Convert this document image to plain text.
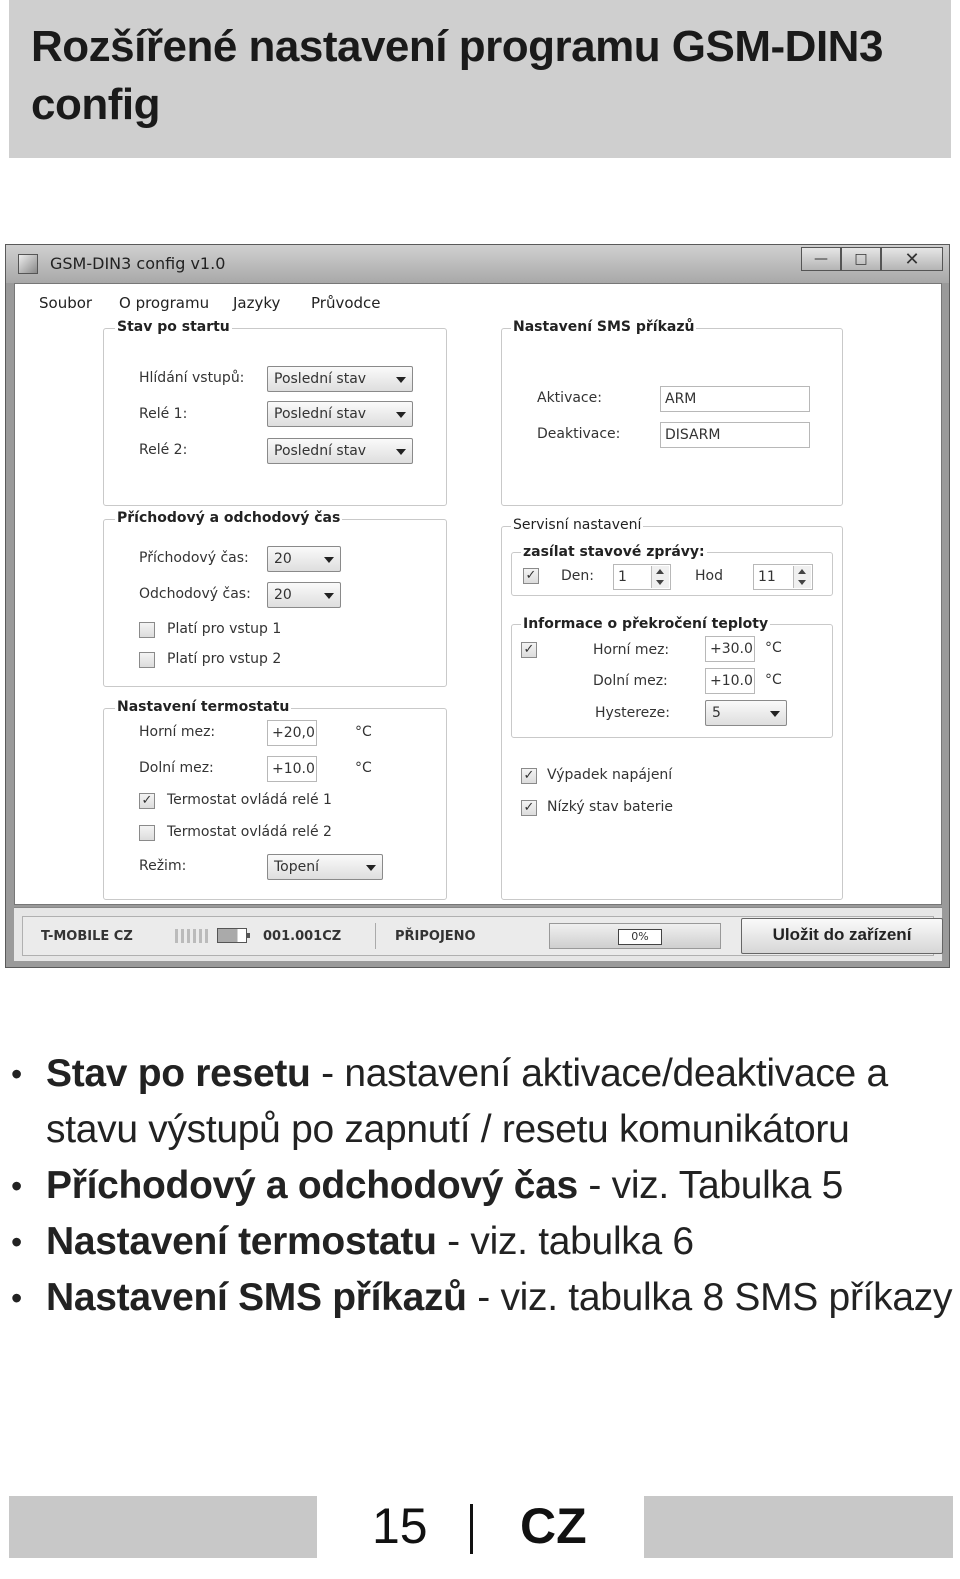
Rozšířené nastavení programu GSM-DIN3 config
GSM-DIN3 config v1.0	—	□	✕
Soubor O programu Jazyky Průvodce
Stav po startu
Hlídání vstupů:	Poslední stav
Relé 1:	Poslední stav
Relé 2:	Poslední stav
Příchodový a odchodový čas
Příchodový čas:	20
Odchodový čas:	20
Platí pro vstup 1
Platí pro vstup 2
Nastavení termostatu
Horní mez:	+20,0	°C
Dolní mez:	+10.0	°C
✓ Termostat ovládá relé 1
Termostat ovládá relé 2
Režim:	Topení
Nastavení SMS příkazů
Aktivace:	ARM
Deaktivace:	DISARM
Servisní nastavení
zasílat stavové zprávy:
✓ Den:	1	Hod	11
Informace o překročení teploty
✓	Horní mez:	+30.0 °C
Dolní mez:	+10.0 °C
Hystereze:	5
✓ Výpadek napájení
✓ Nízký stav baterie
T-MOBILE CZ	001.001CZ	PŘIPOJENO	0%	Uložit do zařízení
• Stav po resetu - nastavení aktivace/deaktivace a stavu výstupů po zapnutí / resetu komunikátoru
• Příchodový a odchodový čas - viz. Tabulka 5
• Nastavení termostatu - viz. tabulka 6
• Nastavení SMS příkazů - viz. tabulka 8 SMS příkazy
15 CZ
